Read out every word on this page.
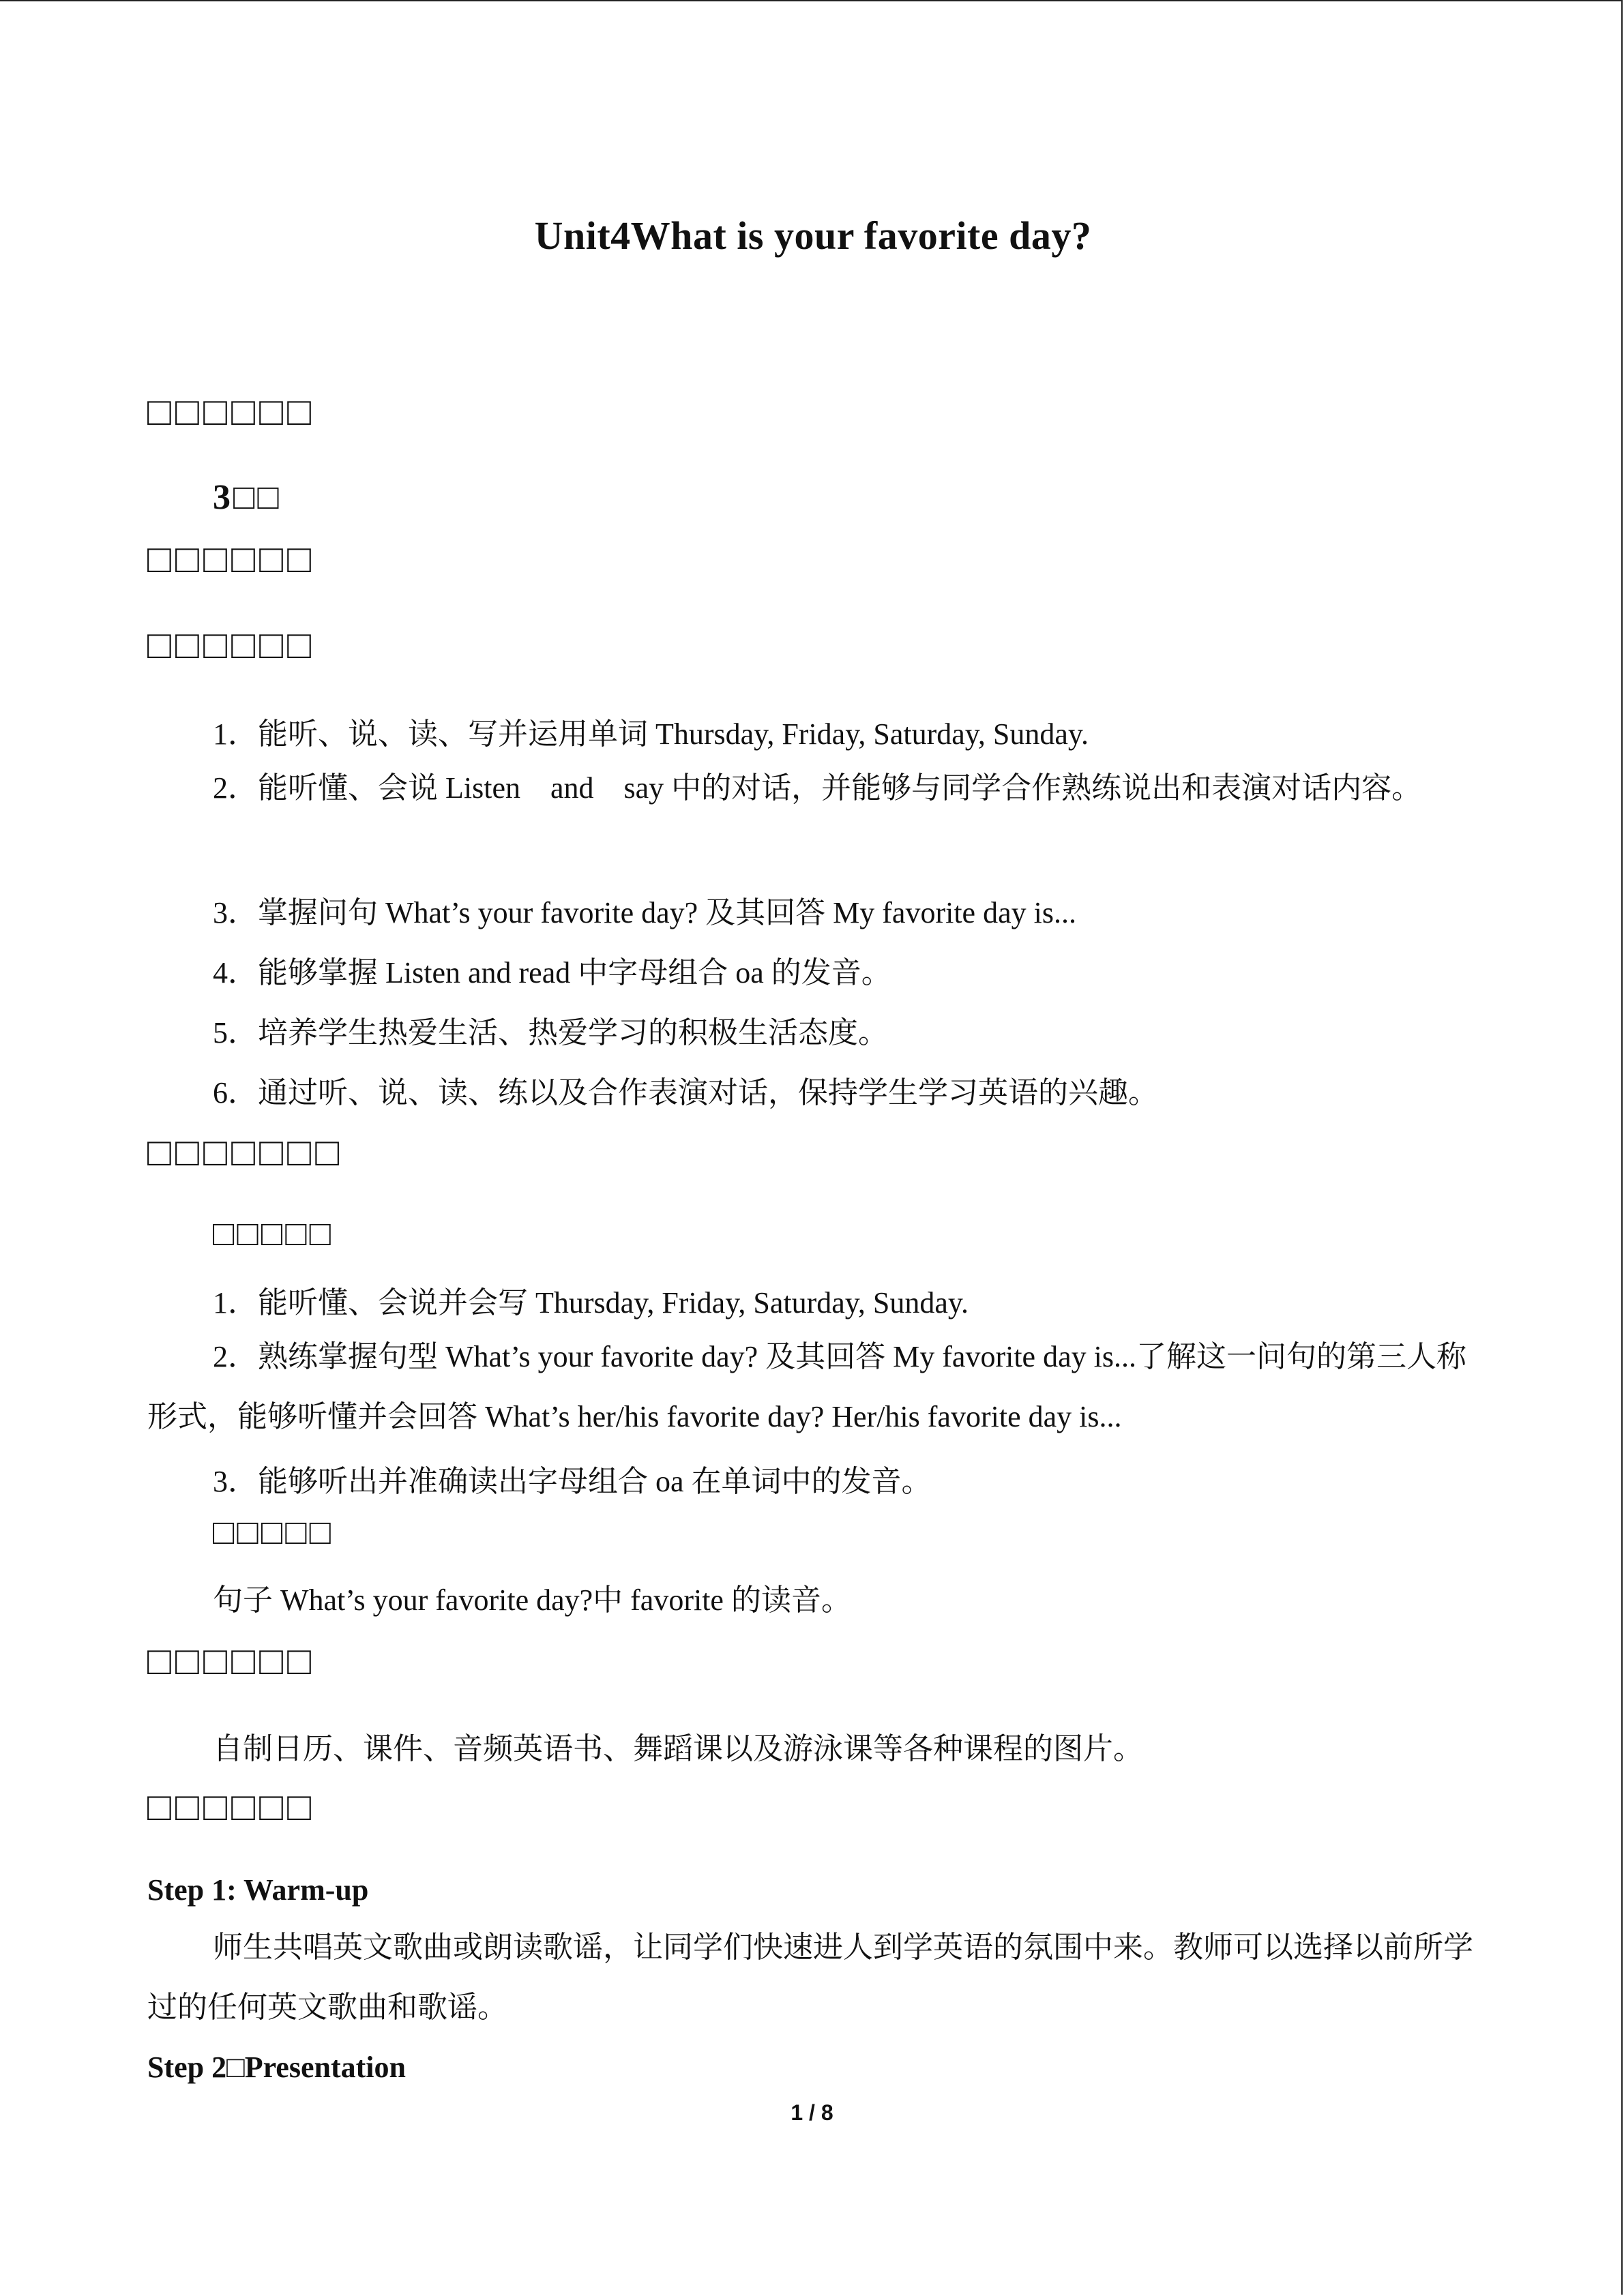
Unit4What is your favorite day?
□□□□□□
3□□
□□□□□□
□□□□□□
1．能听、说、读、写并运用单词 Thursday, Friday, Saturday, Sunday.
2．能听懂、会说 Listen　and　say 中的对话，并能够与同学合作熟练说出和表演对话内容。
3．掌握问句 What’s your favorite day? 及其回答 My favorite day is...
4．能够掌握 Listen and read 中字母组合 oa 的发音。
5．培养学生热爱生活、热爱学习的积极生活态度。
6．通过听、说、读、练以及合作表演对话，保持学生学习英语的兴趣。
□□□□□□□
□□□□□
1．能听懂、会说并会写 Thursday, Friday, Saturday, Sunday.
2．熟练掌握句型 What’s your favorite day? 及其回答 My favorite day is...了解这一问句的第三人称形式，能够听懂并会回答 What’s her/his favorite day? Her/his favorite day is...
3．能够听出并准确读出字母组合 oa 在单词中的发音。
□□□□□
句子 What’s your favorite day?中 favorite 的读音。
□□□□□□
自制日历、课件、音频英语书、舞蹈课以及游泳课等各种课程的图片。
□□□□□□
Step 1: Warm-up
师生共唱英文歌曲或朗读歌谣，让同学们快速进人到学英语的氛围中来。教师可以选择以前所学过的任何英文歌曲和歌谣。
Step 2□Presentation
1 / 8
